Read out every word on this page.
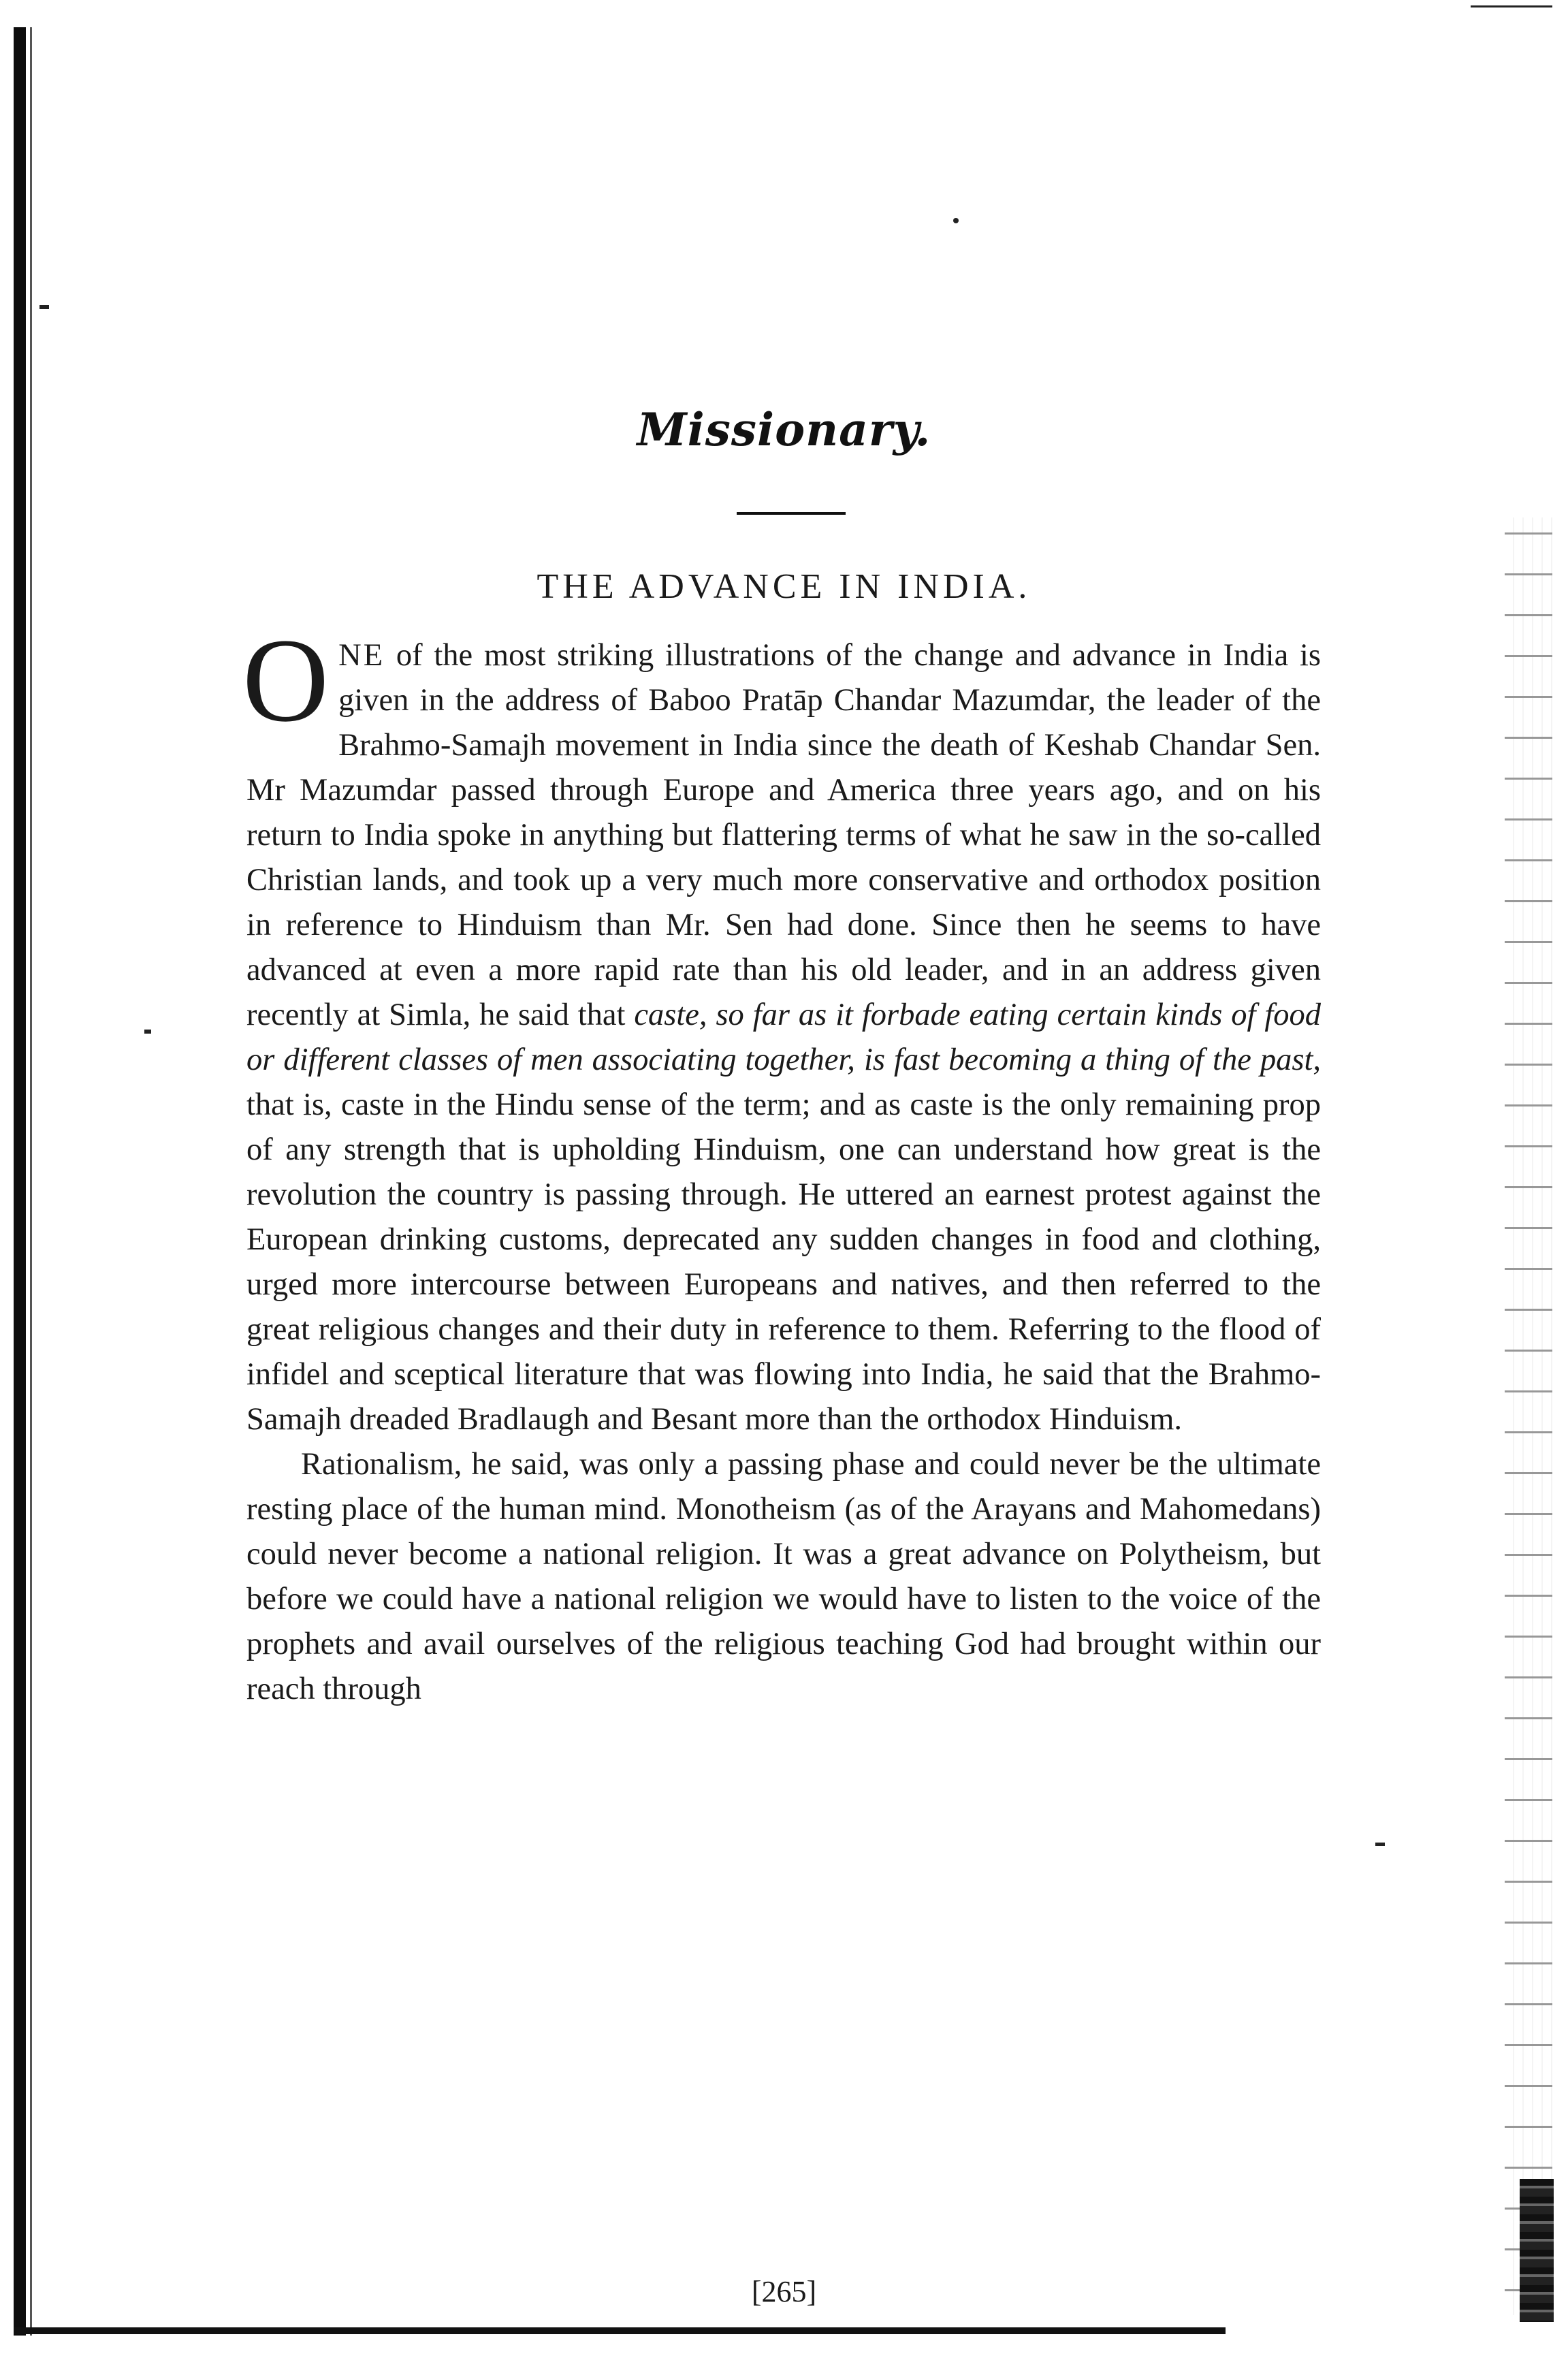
Missionary.
THE ADVANCE IN INDIA.

ONE of the most striking illustrations of the change and advance in India is given in the address of Baboo Pratāp Chandar Mazumdar, the leader of the Brahmo-Samajh movement in India since the death of Keshab Chandar Sen. Mr Mazumdar passed through Europe and America three years ago, and on his return to India spoke in anything but flattering terms of what he saw in the so-called Christian lands, and took up a very much more conservative and orthodox position in reference to Hinduism than Mr. Sen had done. Since then he seems to have advanced at even a more rapid rate than his old leader, and in an address given recently at Simla, he said that caste, so far as it forbade eating certain kinds of food or different classes of men associating together, is fast becoming a thing of the past, that is, caste in the Hindu sense of the term; and as caste is the only remaining prop of any strength that is upholding Hinduism, one can understand how great is the revolution the country is passing through. He uttered an earnest protest against the European drinking customs, deprecated any sudden changes in food and clothing, urged more intercourse between Europeans and natives, and then referred to the great religious changes and their duty in reference to them. Referring to the flood of infidel and sceptical literature that was flowing into India, he said that the Brahmo-Samajh dreaded Bradlaugh and Besant more than the orthodox Hinduism.

Rationalism, he said, was only a passing phase and could never be the ultimate resting place of the human mind. Monotheism (as of the Arayans and Mahomedans) could never become a national religion. It was a great advance on Polytheism, but before we could have a national religion we would have to listen to the voice of the prophets and avail ourselves of the religious teaching God had brought within our reach through

[265]
